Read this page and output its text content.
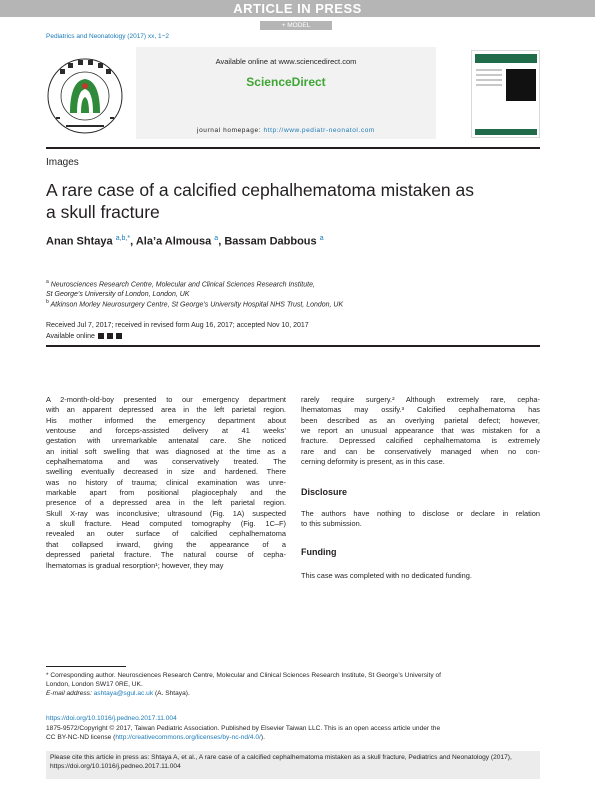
ARTICLE IN PRESS
+ MODEL
Pediatrics and Neonatology (2017) xx, 1−2
Available online at www.sciencedirect.com
ScienceDirect
journal homepage: http://www.pediatr-neonatol.com
Images
A rare case of a calcified cephalhematoma mistaken as a skull fracture
Anan Shtaya $^{a,b,*}$, Ala’a Almousa $^a$, Bassam Dabbous $^a$
$^a$ Neurosciences Research Centre, Molecular and Clinical Sciences Research Institute,
St George’s University of London, London, UK
$^b$ Atkinson Morley Neurosurgery Centre, St George’s University Hospital NHS Trust, London, UK
Received Jul 7, 2017; received in revised form Aug 16, 2017; accepted Nov 10, 2017
Available online
A 2-month-old-boy presented to our emergency department
with an apparent depressed area in the left parietal region.
His mother informed the emergency department about
ventouse and forceps-assisted delivery at 41 weeks’
gestation with unremarkable antenatal care. She noticed
an initial soft swelling that was diagnosed at the time as a
cephalhematoma and was conservatively treated. The
swelling eventually decreased in size and hardened. There
was no history of trauma; clinical examination was unre-
markable apart from positional plagiocephaly and the
presence of a depressed area in the left parietal region.
Skull X-ray was inconclusive; ultrasound (Fig. 1A) suspected
a skull fracture. Head computed tomography (Fig. 1C–F)
revealed an outer surface of calcified cephalhematoma
that collapsed inward, giving the appearance of a
depressed parietal fracture. The natural course of cepha-
lhematomas is gradual resorption¹; however, they may
rarely require surgery.² Although extremely rare, cepha-
lhematomas may ossify.³ Calcified cephalhematoma has
been described as an overlying parietal defect; however,
we report an unusual appearance that was mistaken for a
fracture. Depressed calcified cephalhematoma is extremely
rare and can be conservatively managed when no con-
cerning deformity is present, as in this case.
Disclosure
The authors have nothing to disclose or declare in relation
to this submission.
Funding
This case was completed with no dedicated funding.
* Corresponding author. Neurosciences Research Centre, Molecular and Clinical Sciences Research Institute, St George’s University of
London, London SW17 0RE, UK.
E-mail address: ashtaya@sgul.ac.uk (A. Shtaya).
https://doi.org/10.1016/j.pedneo.2017.11.004
1875-9572/Copyright © 2017, Taiwan Pediatric Association. Published by Elsevier Taiwan LLC. This is an open access article under the
CC BY-NC-ND license (http://creativecommons.org/licenses/by-nc-nd/4.0/).
Please cite this article in press as: Shtaya A, et al., A rare case of a calcified cephalhematoma mistaken as a skull fracture, Pediatrics and Neonatology (2017), https://doi.org/10.1016/j.pedneo.2017.11.004
